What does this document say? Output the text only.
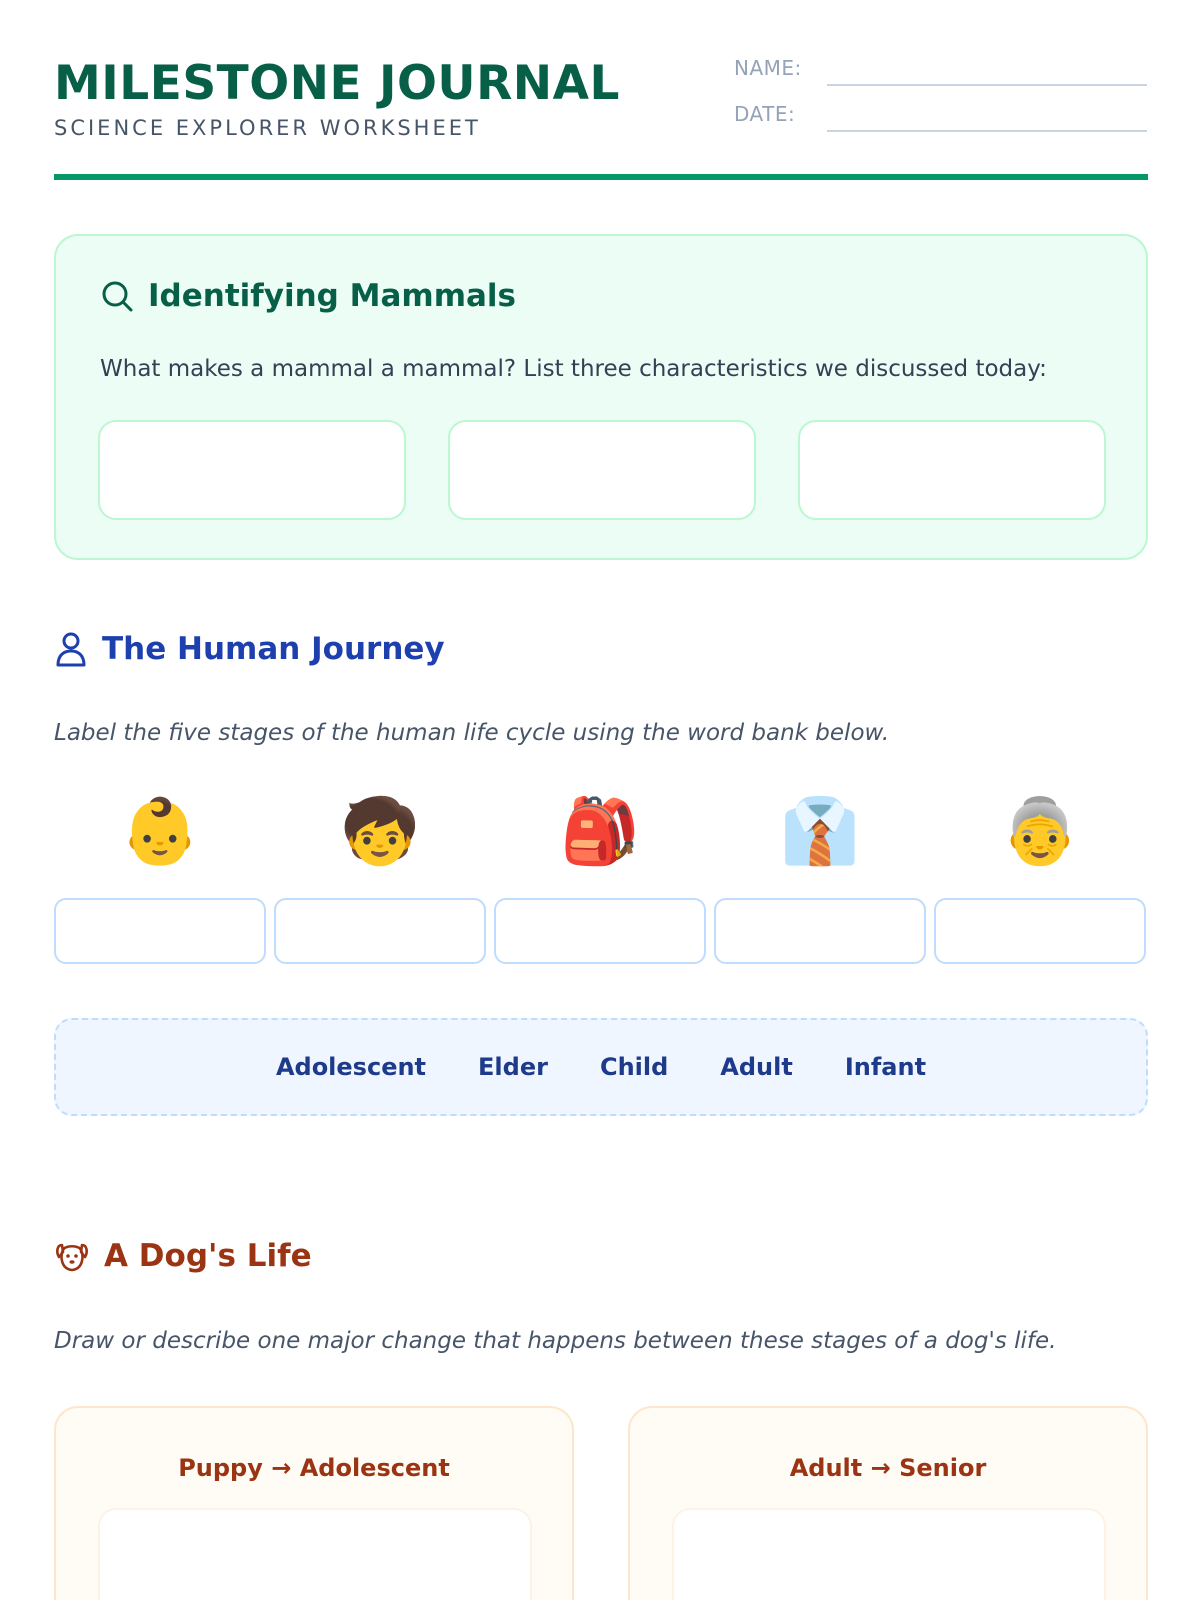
MILESTONE JOURNAL
SCIENCE EXPLORER WORKSHEET
NAME:
DATE:
Identifying Mammals
What makes a mammal a mammal? List three characteristics we discussed today:
The Human Journey
Label the five stages of the human life cycle using the word bank below.
👶	🧒	🎒	👔	👵
Adolescent Elder Child Adult Infant
A Dog's Life
Draw or describe one major change that happens between these stages of a dog's life.
Puppy → Adolescent	Adult → Senior
